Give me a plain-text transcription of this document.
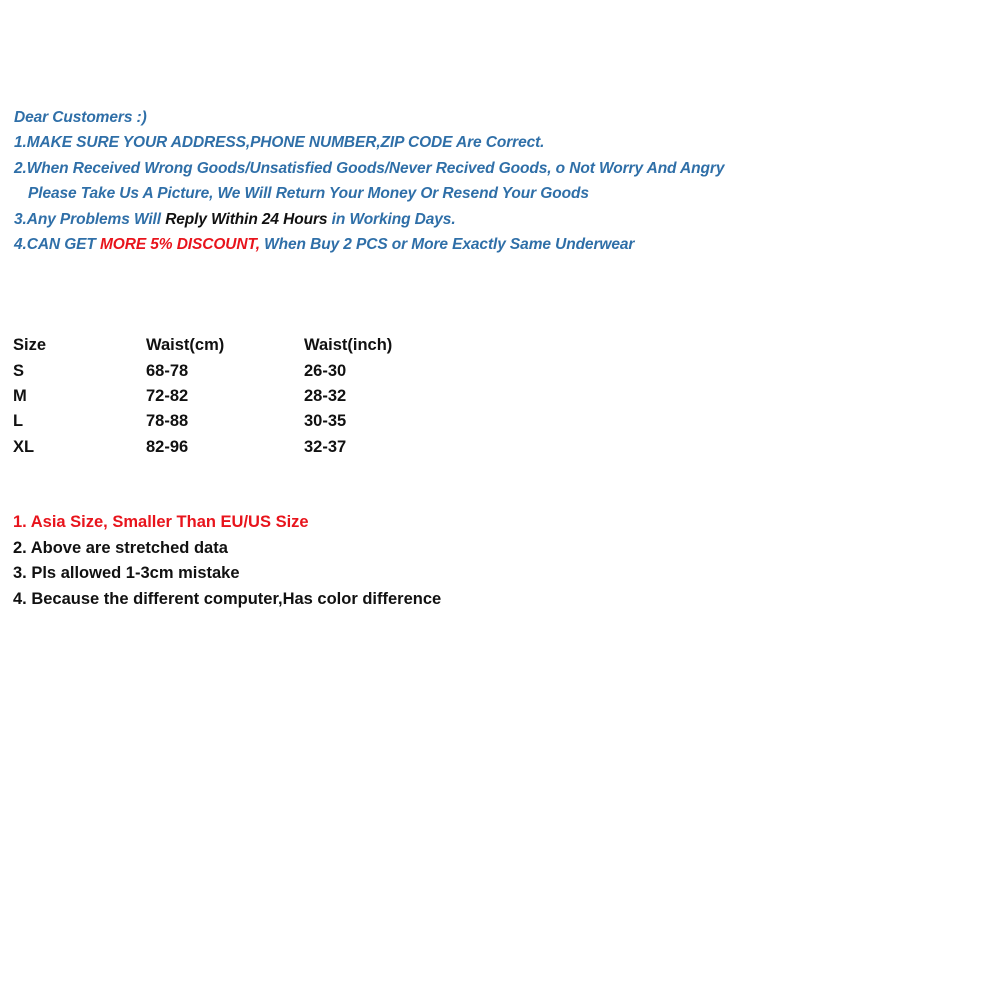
Dear Customers :)
1.MAKE SURE YOUR ADDRESS,PHONE NUMBER,ZIP CODE Are Correct.
2.When Received Wrong Goods/Unsatisfied Goods/Never Recived Goods, o Not Worry And Angry
Please Take Us A Picture, We Will Return Your Money Or Resend Your Goods
3.Any Problems Will Reply Within 24 Hours in Working Days.
4.CAN GET MORE 5% DISCOUNT, When Buy 2 PCS or More Exactly Same Underwear
Size	Waist(cm)	Waist(inch)
S	68-78	26-30
M	72-82	28-32
L	78-88	30-35
XL	82-96	32-37
1. Asia Size, Smaller Than EU/US Size
2. Above are stretched data
3. Pls allowed 1-3cm mistake
4. Because the different computer,Has color difference
